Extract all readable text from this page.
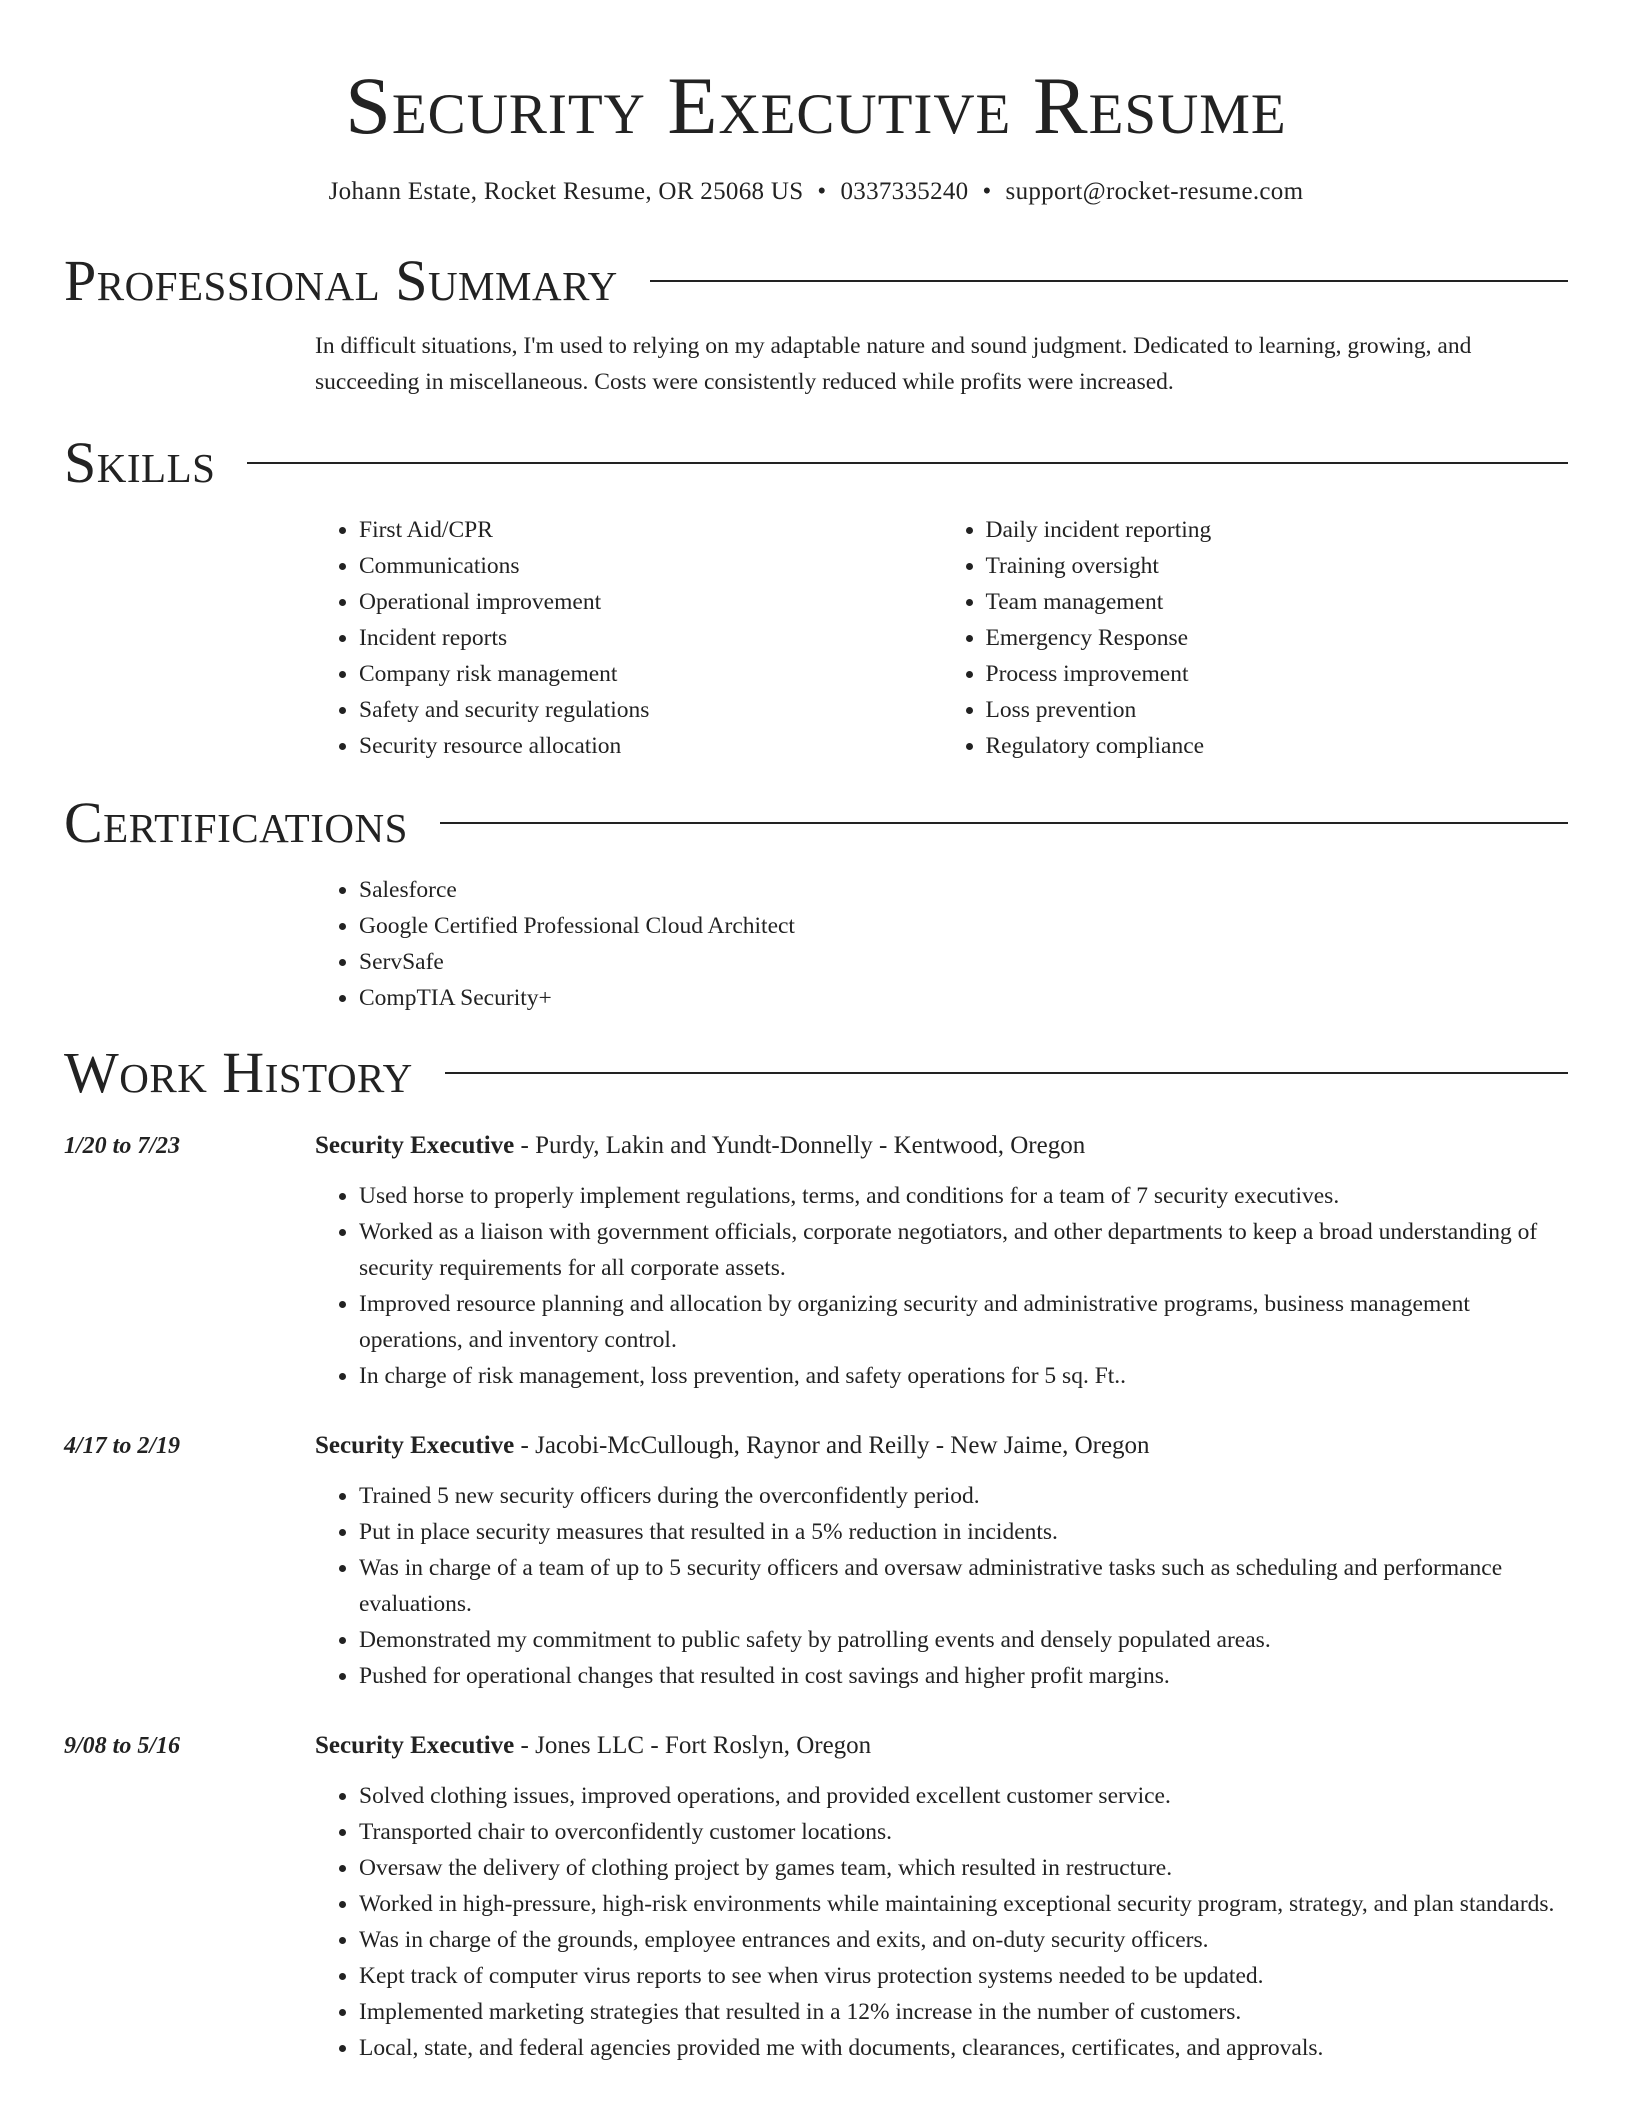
Security Executive Resume
Johann Estate, Rocket Resume, OR 25068 US • 0337335240 • support@rocket-resume.com
Professional Summary

In difficult situations, I'm used to relying on my adaptable nature and sound judgment. Dedicated to learning, growing, and succeeding in miscellaneous. Costs were consistently reduced while profits were increased.

Skills
• First Aid/CPR
• Communications
• Operational improvement
• Incident reports
• Company risk management
• Safety and security regulations
• Security resource allocation
• Daily incident reporting
• Training oversight
• Team management
• Emergency Response
• Process improvement
• Loss prevention
• Regulatory compliance
Certifications
• Salesforce
• Google Certified Professional Cloud Architect
• ServSafe
• CompTIA Security+
Work History
1/20 to 7/23	Security Executive - Purdy, Lakin and Yundt-Donnelly - Kentwood, Oregon
• Used horse to properly implement regulations, terms, and conditions for a team of 7 security executives.
• Worked as a liaison with government officials, corporate negotiators, and other departments to keep a broad understanding of security requirements for all corporate assets.
• Improved resource planning and allocation by organizing security and administrative programs, business management operations, and inventory control.
• In charge of risk management, loss prevention, and safety operations for 5 sq. Ft..
4/17 to 2/19	Security Executive - Jacobi-McCullough, Raynor and Reilly - New Jaime, Oregon
• Trained 5 new security officers during the overconfidently period.
• Put in place security measures that resulted in a 5% reduction in incidents.
• Was in charge of a team of up to 5 security officers and oversaw administrative tasks such as scheduling and performance evaluations.
• Demonstrated my commitment to public safety by patrolling events and densely populated areas.
• Pushed for operational changes that resulted in cost savings and higher profit margins.
9/08 to 5/16	Security Executive - Jones LLC - Fort Roslyn, Oregon
• Solved clothing issues, improved operations, and provided excellent customer service.
• Transported chair to overconfidently customer locations.
• Oversaw the delivery of clothing project by games team, which resulted in restructure.
• Worked in high-pressure, high-risk environments while maintaining exceptional security program, strategy, and plan standards.
• Was in charge of the grounds, employee entrances and exits, and on-duty security officers.
• Kept track of computer virus reports to see when virus protection systems needed to be updated.
• Implemented marketing strategies that resulted in a 12% increase in the number of customers.
• Local, state, and federal agencies provided me with documents, clearances, certificates, and approvals.
